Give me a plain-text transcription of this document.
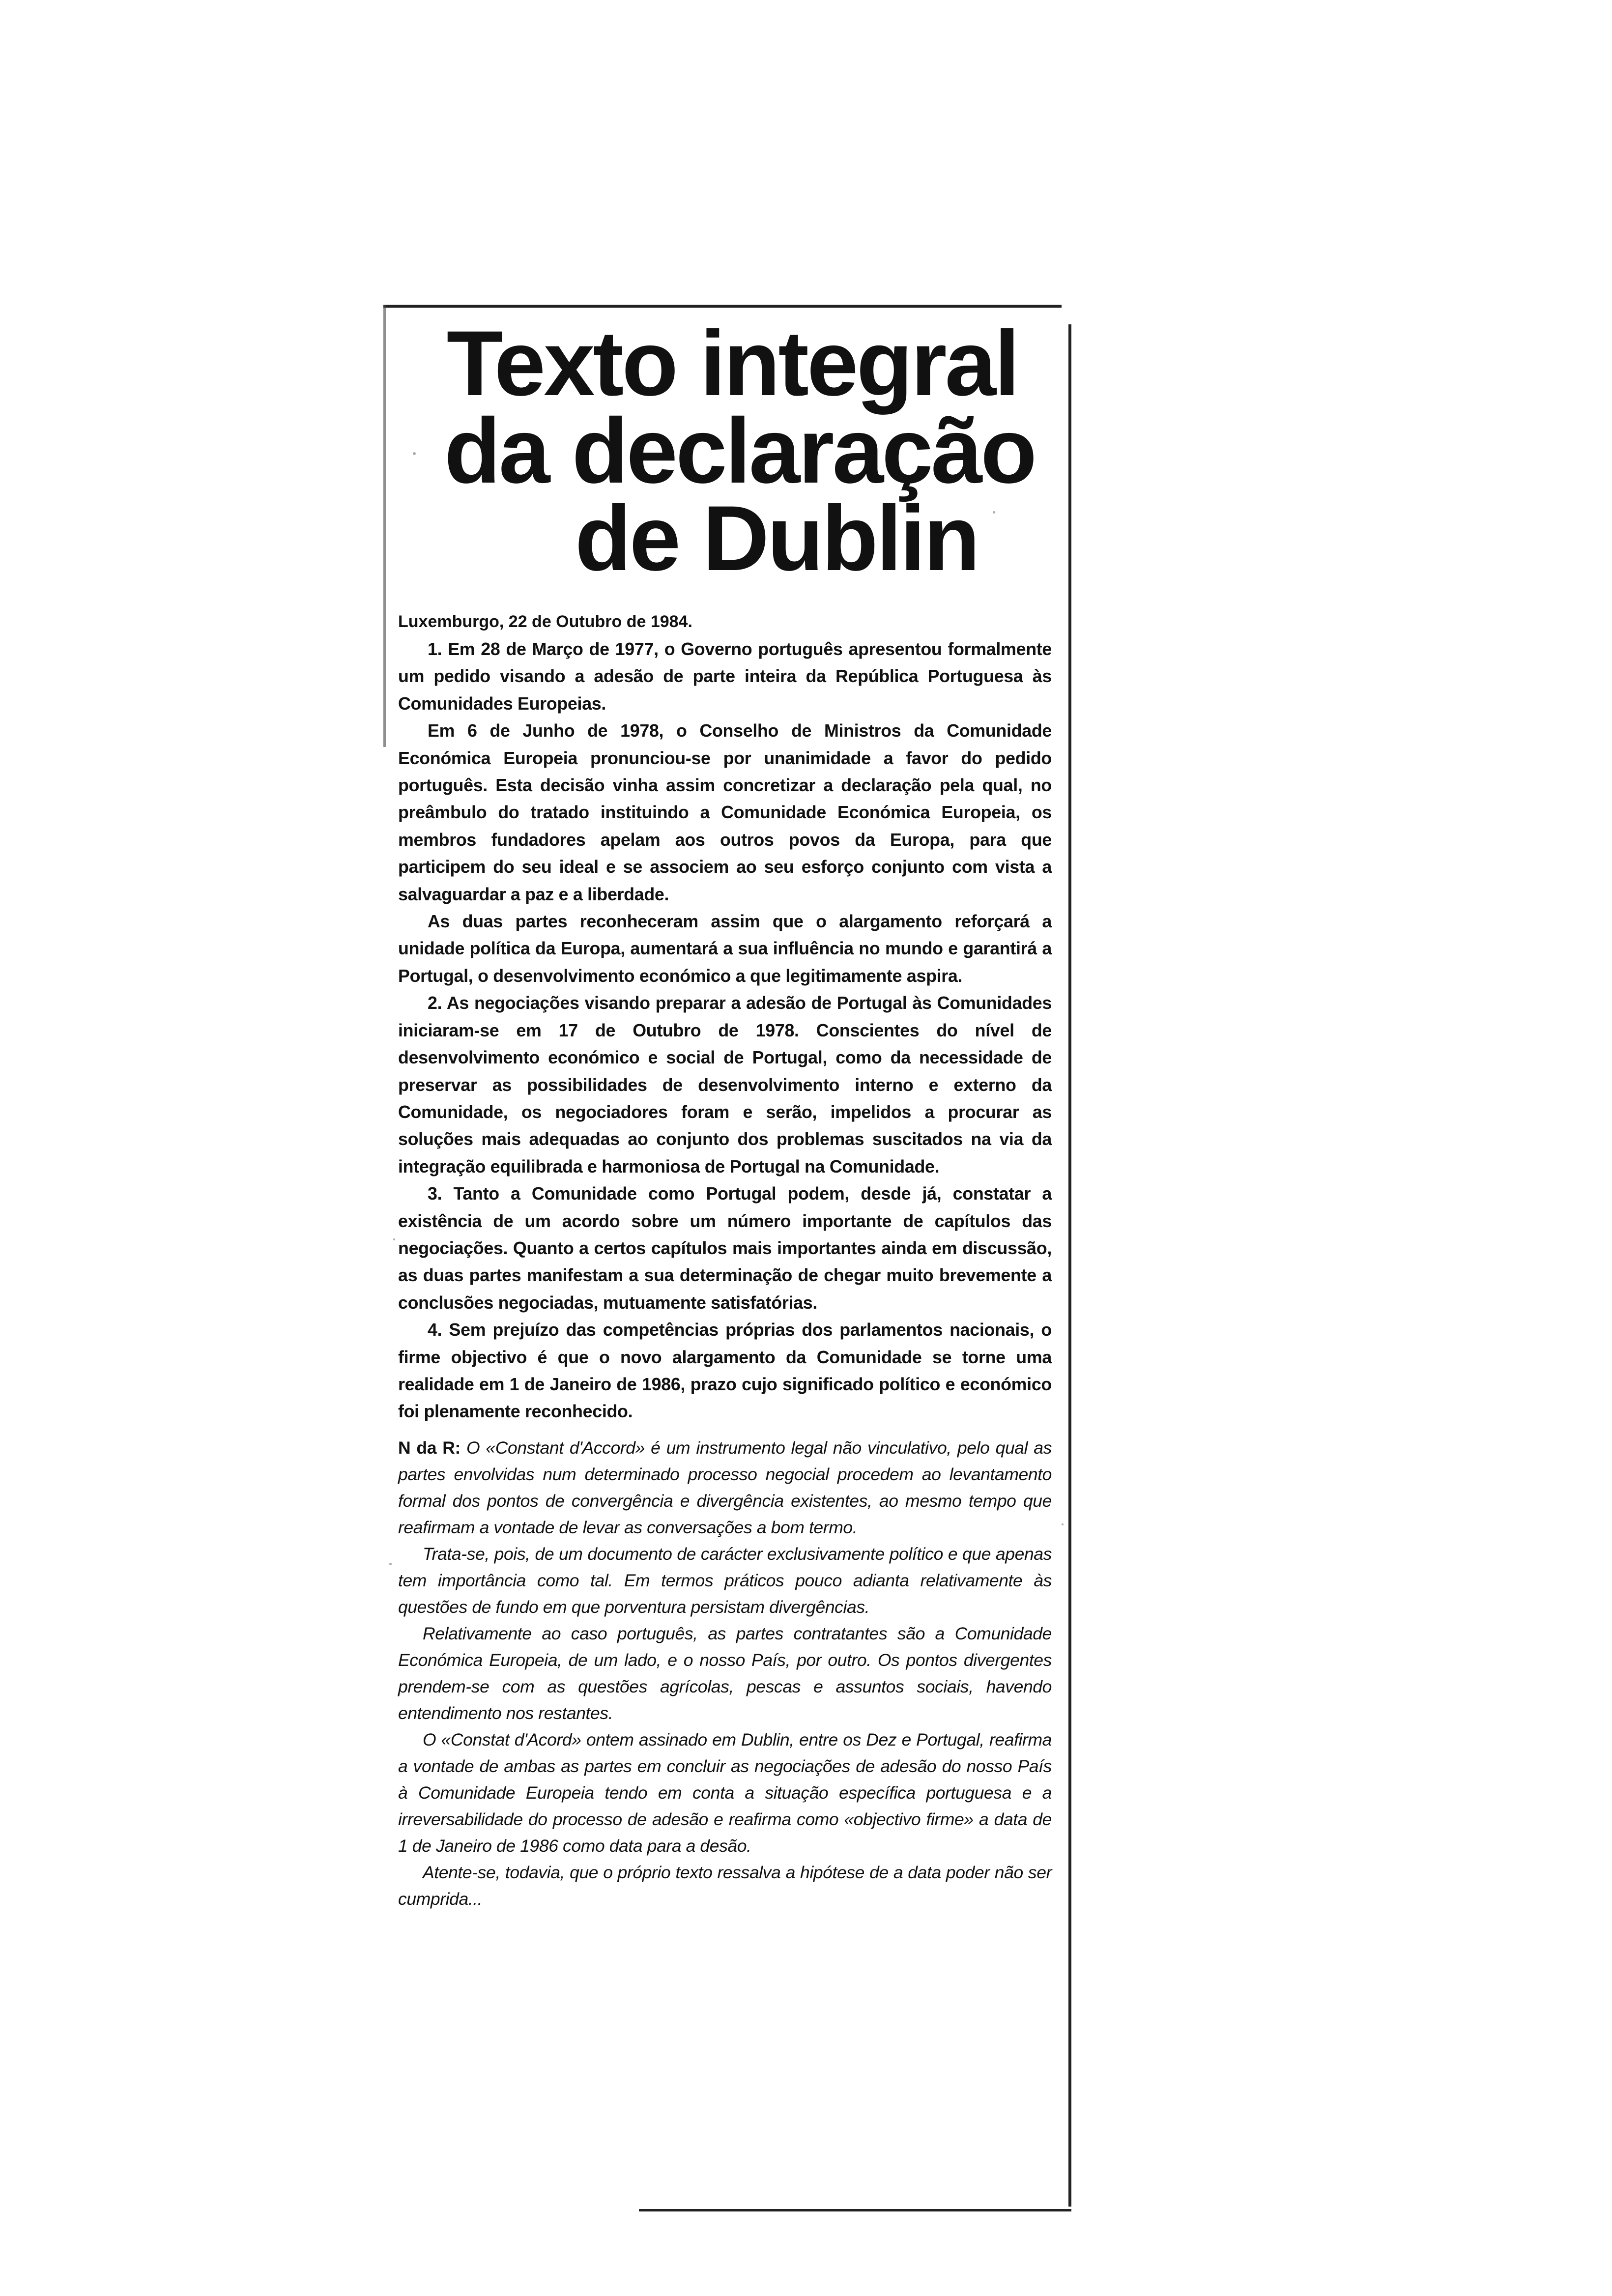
Texto integral
da declaração
de Dublin

Luxemburgo, 22 de Outubro de 1984.

1. Em 28 de Março de 1977, o Governo português apresentou formalmente um pedido visando a adesão de parte inteira da República Portuguesa às Comunidades Europeias.

Em 6 de Junho de 1978, o Conselho de Ministros da Comunidade Económica Europeia pronunciou-se por unanimidade a favor do pedido português. Esta decisão vinha assim concretizar a declaração pela qual, no preâmbulo do tratado instituindo a Comunidade Económica Europeia, os membros fundadores apelam aos outros povos da Europa, para que participem do seu ideal e se associem ao seu esforço conjunto com vista a salvaguardar a paz e a liberdade.

As duas partes reconheceram assim que o alargamento reforçará a unidade política da Europa, aumentará a sua influência no mundo e garantirá a Portugal, o desenvolvimento económico a que legitimamente aspira.

2. As negociações visando preparar a adesão de Portugal às Comunidades iniciaram-se em 17 de Outubro de 1978. Conscientes do nível de desenvolvimento económico e social de Portugal, como da necessidade de preservar as possibilidades de desenvolvimento interno e externo da Comunidade, os negociadores foram e serão, impelidos a procurar as soluções mais adequadas ao conjunto dos problemas suscitados na via da integração equilibrada e harmoniosa de Portugal na Comunidade.

3. Tanto a Comunidade como Portugal podem, desde já, constatar a existência de um acordo sobre um número importante de capítulos das negociações. Quanto a certos capítulos mais importantes ainda em discussão, as duas partes manifestam a sua determinação de chegar muito brevemente a conclusões negociadas, mutuamente satisfatórias.

4. Sem prejuízo das competências próprias dos parlamentos nacionais, o firme objectivo é que o novo alargamento da Comunidade se torne uma realidade em 1 de Janeiro de 1986, prazo cujo significado político e económico foi plenamente reconhecido.

N da R: O «Constant d'Accord» é um instrumento legal não vinculativo, pelo qual as partes envolvidas num determinado processo negocial procedem ao levantamento formal dos pontos de convergência e divergência existentes, ao mesmo tempo que reafirmam a vontade de levar as conversações a bom termo.

Trata-se, pois, de um documento de carácter exclusivamente político e que apenas tem importância como tal. Em termos práticos pouco adianta relativamente às questões de fundo em que porventura persistam divergências.

Relativamente ao caso português, as partes contratantes são a Comunidade Económica Europeia, de um lado, e o nosso País, por outro. Os pontos divergentes prendem-se com as questões agrícolas, pescas e assuntos sociais, havendo entendimento nos restantes.

O «Constat d'Acord» ontem assinado em Dublin, entre os Dez e Portugal, reafirma a vontade de ambas as partes em concluir as negociações de adesão do nosso País à Comunidade Europeia tendo em conta a situação específica portuguesa e a irreversabilidade do processo de adesão e reafirma como «objectivo firme» a data de 1 de Janeiro de 1986 como data para a desão.

Atente-se, todavia, que o próprio texto ressalva a hipótese de a data poder não ser cumprida...
